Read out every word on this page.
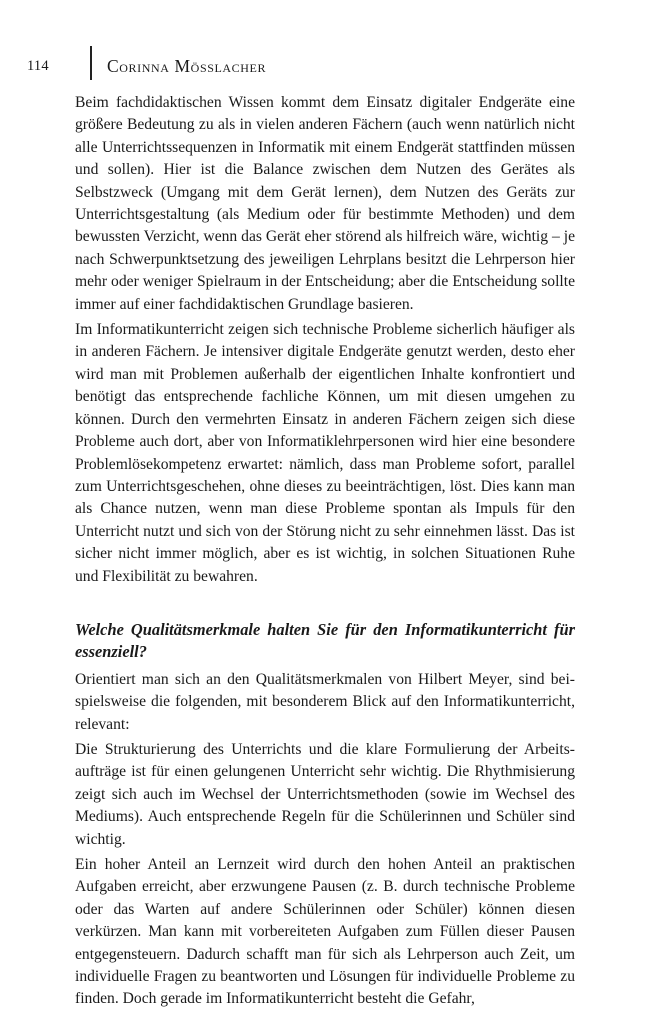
114	Corinna Mösslacher

Beim fachdidaktischen Wissen kommt dem Einsatz digitaler Endgeräte eine größere Bedeutung zu als in vielen anderen Fächern (auch wenn natürlich nicht alle Unterrichtssequenzen in Informatik mit einem Endgerät stattfinden müssen und sollen). Hier ist die Balance zwischen dem Nutzen des Gerätes als Selbstzweck (Umgang mit dem Gerät lernen), dem Nutzen des Geräts zur Unterrichtsgestaltung (als Medium oder für bestimmte Methoden) und dem bewussten Verzicht, wenn das Gerät eher störend als hilfreich wäre, wichtig – je nach Schwerpunktsetzung des jeweiligen Lehrplans besitzt die Lehrperson hier mehr oder weniger Spielraum in der Entscheidung; aber die Entscheidung sollte immer auf einer fachdidaktischen Grundlage basieren.

Im Informatikunterricht zeigen sich technische Probleme sicherlich häufiger als in anderen Fächern. Je intensiver digitale Endgeräte genutzt werden, desto eher wird man mit Problemen außerhalb der eigentlichen Inhalte konfrontiert und benötigt das entsprechende fachliche Können, um mit diesen umgehen zu können. Durch den vermehrten Einsatz in anderen Fächern zeigen sich diese Probleme auch dort, aber von Informatiklehrpersonen wird hier eine besondere Problemlösekompetenz erwartet: nämlich, dass man Probleme sofort, parallel zum Unterrichtsgeschehen, ohne dieses zu beeinträchtigen, löst. Dies kann man als Chance nutzen, wenn man diese Probleme spontan als Impuls für den Unterricht nutzt und sich von der Störung nicht zu sehr einnehmen lässt. Das ist sicher nicht immer möglich, aber es ist wichtig, in solchen Situationen Ruhe und Flexibilität zu bewahren.

Welche Qualitätsmerkmale halten Sie für den Informatikunterricht für essenziell?

Orientiert man sich an den Qualitätsmerkmalen von Hilbert Meyer, sind beispielsweise die folgenden, mit besonderem Blick auf den Informatikunterricht, relevant:

Die Strukturierung des Unterrichts und die klare Formulierung der Arbeitsaufträge ist für einen gelungenen Unterricht sehr wichtig. Die Rhythmisierung zeigt sich auch im Wechsel der Unterrichtsmethoden (sowie im Wechsel des Mediums). Auch entsprechende Regeln für die Schülerinnen und Schüler sind wichtig.

Ein hoher Anteil an Lernzeit wird durch den hohen Anteil an praktischen Aufgaben erreicht, aber erzwungene Pausen (z. B. durch technische Probleme oder das Warten auf andere Schülerinnen oder Schüler) können diesen verkürzen. Man kann mit vorbereiteten Aufgaben zum Füllen dieser Pausen entgegensteuern. Dadurch schafft man für sich als Lehrperson auch Zeit, um individuelle Fragen zu beantworten und Lösungen für individuelle Probleme zu finden. Doch gerade im Informatikunterricht besteht die Gefahr,
